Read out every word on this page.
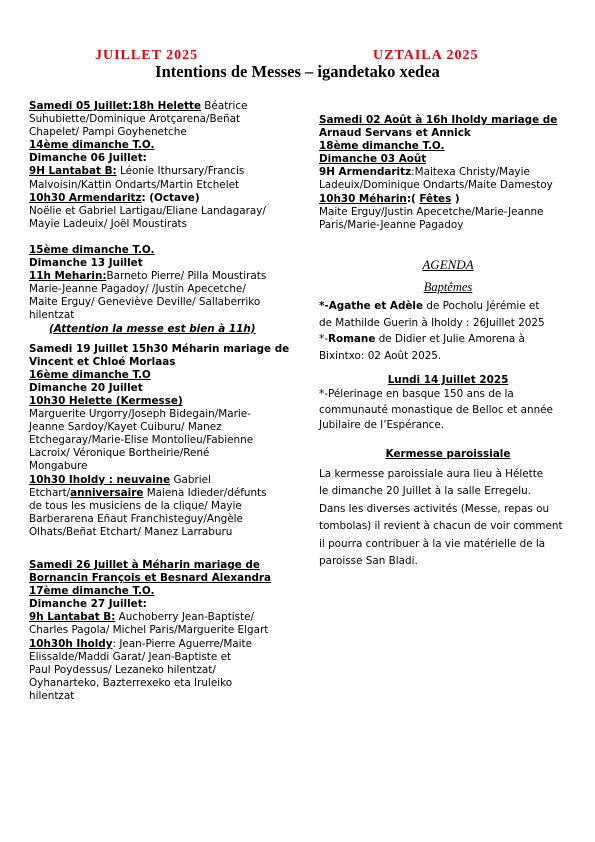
JUILLET 2025	UZTAILA 2025
Intentions de Messes – igandetako xedea
Samedi 05 Juillet:18h Helette Béatrice
Suhubiette/Dominique Arotçarena/Beñat
Chapelet/ Pampi Goyhenetche
14ème dimanche T.O.
Dimanche 06 Juillet:
9H Lantabat B: Léonie Ithursary/Francis
Malvoisin/Kattin Ondarts/Martin Etchelet
10h30 Armendaritz: (Octave)
Noëlie et Gabriel Lartigau/Eliane Landagaray/
Mayie Ladeuix/ Joël Moustirats
15ème dimanche T.O.
Dimanche 13 Juillet
11h Meharin:Barneto Pierre/ Pilla Moustirats
Marie-Jeanne Pagadoy/ /Justin Apecetche/
Maite Erguy/ Geneviève Deville/ Sallaberriko
hilentzat
(Attention la messe est bien à 11h)
Samedi 19 Juillet 15h30 Méharin mariage de
Vincent et Chloé Morlaas
16ème dimanche T.O
Dimanche 20 Juillet
10h30 Helette (Kermesse)
Marguerite Urgorry/Joseph Bidegain/Marie-
Jeanne Sardoy/Kayet Cuiburu/ Manez
Etchegaray/Marie-Elise Montolieu/Fabienne
Lacroix/ Véronique Bortheirie/René
Mongabure
10h30 Iholdy : neuvaine Gabriel
Etchart/anniversaire Maiena Idieder/défunts
de tous les musiciens de la clique/ Mayie
Barberarena Eñaut Franchisteguy/Angèle
Olhats/Beñat Etchart/ Manez Larraburu
Samedi 26 Juillet à Méharin mariage de
Bornancin François et Besnard Alexandra
17ème dimanche T.O.
Dimanche 27 Juillet:
9h Lantabat B: Auchoberry Jean-Baptiste/
Charles Pagola/ Michel Paris/Marguerite Elgart
10h30h Iholdy: Jean-Pierre Aguerre/Maite
Elissalde/Maddi Garat/ Jean-Baptiste et
Paul Poydessus/ Lezaneko hilentzat/
Oyhanarteko, Bazterrexeko eta Iruleiko
hilentzat
Samedi 02 Août à 16h Iholdy mariage de
Arnaud Servans et Annick
18ème dimanche T.O.
Dimanche 03 Août
9H Armendaritz:Maitexa Christy/Mayie
Ladeuix/Dominique Ondarts/Maite Damestoy
10h30 Méharin:( Fêtes )
Maite Erguy/Justin Apecetche/Marie-Jeanne
Paris/Marie-Jeanne Pagadoy
AGENDA
Baptêmes
*-Agathe et Adèle de Pocholu Jérémie et
de Mathilde Guerin à Iholdy : 26Juillet 2025
*-Romane de Didier et Julie Amorena à
Bixintxo: 02 Août 2025.
Lundi 14 Juillet 2025
*-Pélerinage en basque 150 ans de la
communauté monastique de Belloc et année
Jubilaire de l’Espérance.
Kermesse paroissiale
La kermesse paroissiale aura lieu à Hélette
le dimanche 20 Juillet à la salle Erregelu.
Dans les diverses activités (Messe, repas ou
tombolas) il revient à chacun de voir comment
il pourra contribuer à la vie matérielle de la
paroisse San Bladi.
